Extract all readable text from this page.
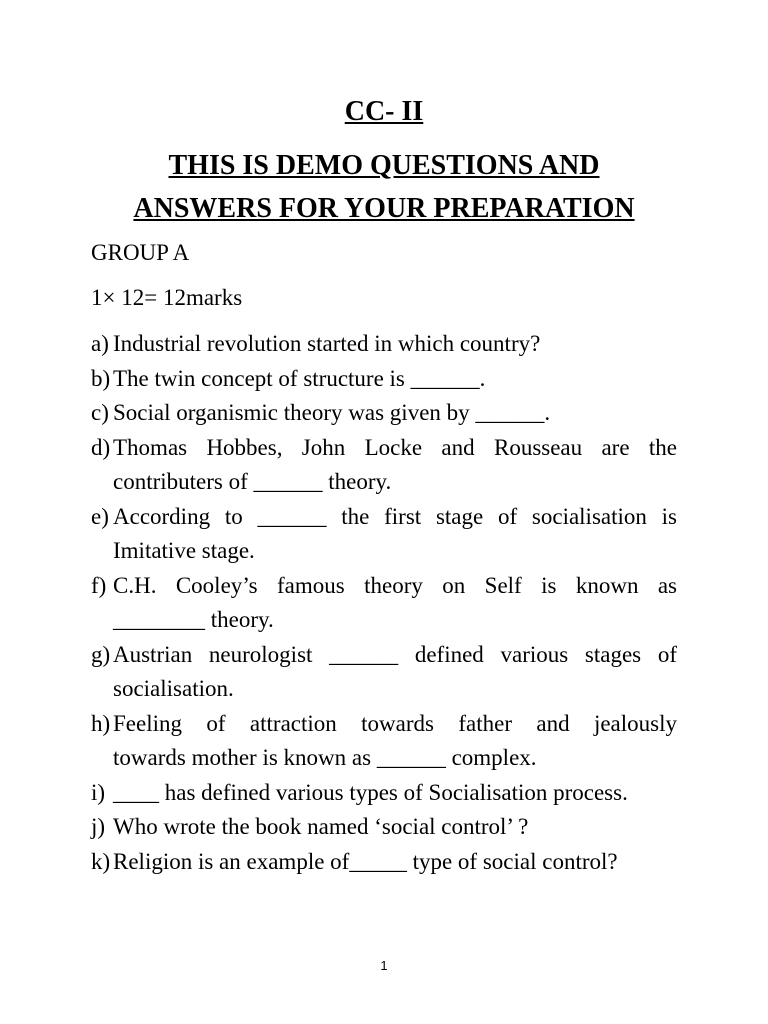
CC- II
THIS IS DEMO QUESTIONS AND
ANSWERS FOR YOUR PREPARATION
GROUP A
1× 12= 12marks
a) Industrial revolution started in which country?
b) The twin concept of structure is ______.
c) Social organismic theory was given by ______.
d) Thomas Hobbes, John Locke and Rousseau are the
contributers of ______ theory.
e) According to ______ the first stage of socialisation is
Imitative stage.
f) C.H. Cooley’s famous theory on Self is known as
________ theory.
g) Austrian neurologist ______ defined various stages of
socialisation.
h) Feeling of attraction towards father and jealously
towards mother is known as ______ complex.
i) ____ has defined various types of Socialisation process.
j) Who wrote the book named ‘social control’ ?
k) Religion is an example of_____ type of social control?
1
